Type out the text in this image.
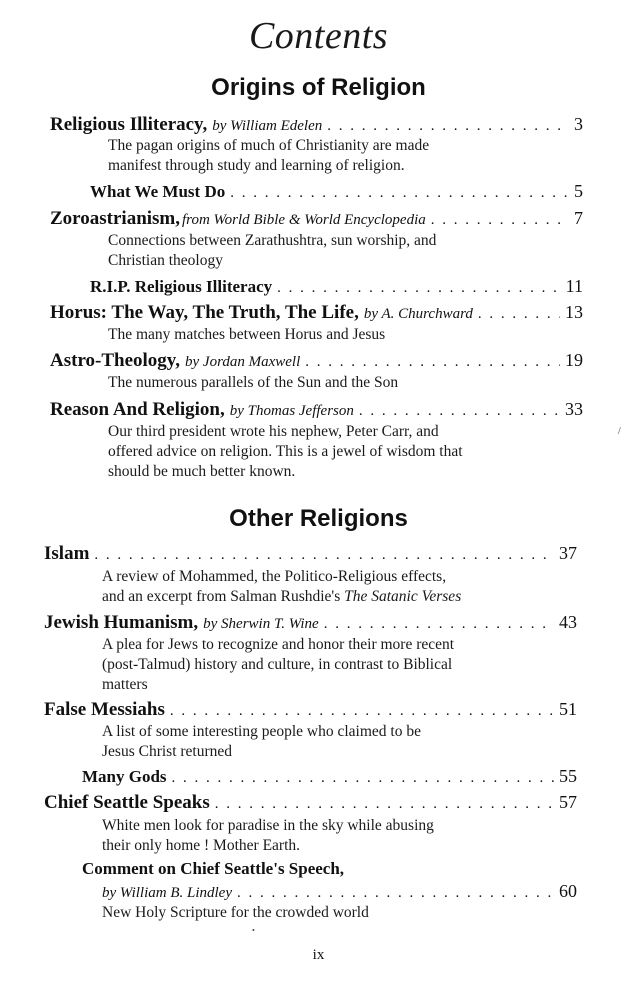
Contents
Origins of Religion
Religious Illiteracy, by William Edelen . . .	3
The pagan origins of much of Christianity are made
manifest through study and learning of religion.
What We Must Do . . .	5
Zoroastrianism, from World Bible & World Encyclopedia . . .	7
Connections between Zarathushtra, sun worship, and
Christian theology
R.I.P. Religious Illiteracy . . .	11
Horus: The Way, The Truth, The Life, by A. Churchward . . .	13
The many matches between Horus and Jesus
Astro-Theology, by Jordan Maxwell . . .	19
The numerous parallels of the Sun and the Son
Reason And Religion, by Thomas Jefferson . . .	33
Our third president wrote his nephew, Peter Carr, and
offered advice on religion. This is a jewel of wisdom that
should be much better known.
/
Other Religions
Islam . . .	37
A review of Mohammed, the Politico-Religious effects,
and an excerpt from Salman Rushdie's The Satanic Verses
Jewish Humanism, by Sherwin T. Wine . . .	43
A plea for Jews to recognize and honor their more recent
(post-Talmud) history and culture, in contrast to Biblical
matters
False Messiahs . . .	51
A list of some interesting people who claimed to be
Jesus Christ returned
Many Gods . . .	55
Chief Seattle Speaks . . .	57
White men look for paradise in the sky while abusing
their only home ! Mother Earth.
Comment on Chief Seattle's Speech,
by William B. Lindley . . .	60
New Holy Scripture for the crowded world
•
ix
